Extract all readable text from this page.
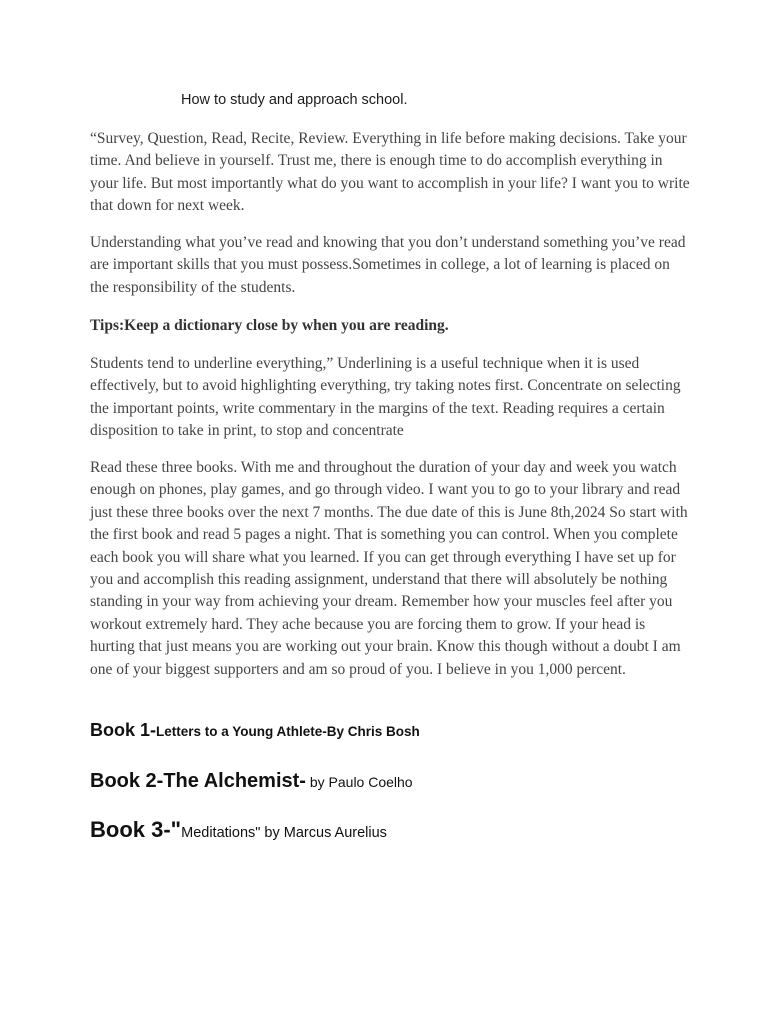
How to study and approach school.

“Survey, Question, Read, Recite, Review. Everything in life before making decisions. Take your time. And believe in yourself. Trust me, there is enough time to do accomplish everything in your life. But most importantly what do you want to accomplish in your life? I want you to write that down for next week.

Understanding what you’ve read and knowing that you don’t understand something you’ve read are important skills that you must possess.Sometimes in college, a lot of learning is placed on the responsibility of the students.

Tips:Keep a dictionary close by when you are reading.

Students tend to underline everything,” Underlining is a useful technique when it is used effectively, but to avoid highlighting everything, try taking notes first. Concentrate on selecting the important points, write commentary in the margins of the text. Reading requires a certain disposition to take in print, to stop and concentrate

Read these three books. With me and throughout the duration of your day and week you watch enough on phones, play games, and go through video. I want you to go to your library and read just these three books over the next 7 months. The due date of this is June 8th,2024 So start with the first book and read 5 pages a night. That is something you can control. When you complete each book you will share what you learned. If you can get through everything I have set up for you and accomplish this reading assignment, understand that there will absolutely be nothing standing in your way from achieving your dream. Remember how your muscles feel after you workout extremely hard. They ache because you are forcing them to grow. If your head is hurting that just means you are working out your brain. Know this though without a doubt I am one of your biggest supporters and am so proud of you. I believe in you 1,000 percent.

Book 1-Letters to a Young Athlete-By Chris Bosh
Book 2-The Alchemist- by Paulo Coelho
Book 3-"Meditations" by Marcus Aurelius
